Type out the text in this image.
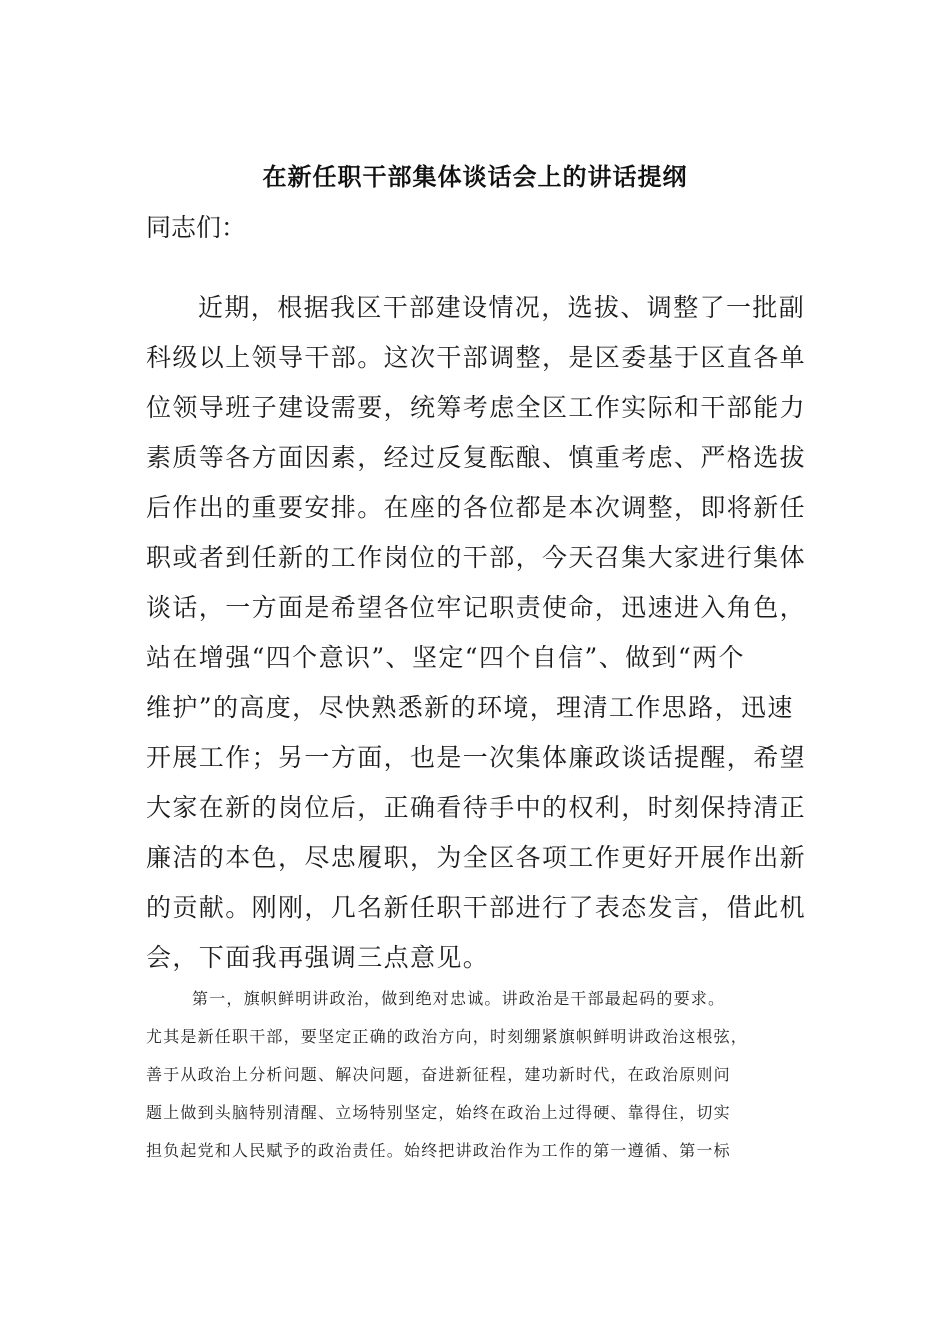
在新任职干部集体谈话会上的讲话提纲
同志们：
近期，根据我区干部建设情况，选拔、调整了一批副
科级以上领导干部。这次干部调整，是区委基于区直各单
位领导班子建设需要，统筹考虑全区工作实际和干部能力
素质等各方面因素，经过反复酝酿、慎重考虑、严格选拔
后作出的重要安排。在座的各位都是本次调整，即将新任
职或者到任新的工作岗位的干部，今天召集大家进行集体
谈话，一方面是希望各位牢记职责使命，迅速进入角色，
站在增强“四个意识”、坚定“四个自信”、做到“两个
维护”的高度，尽快熟悉新的环境，理清工作思路，迅速
开展工作；另一方面，也是一次集体廉政谈话提醒，希望
大家在新的岗位后，正确看待手中的权利，时刻保持清正
廉洁的本色，尽忠履职，为全区各项工作更好开展作出新
的贡献。刚刚，几名新任职干部进行了表态发言，借此机
会，下面我再强调三点意见。
第一，旗帜鲜明讲政治，做到绝对忠诚。讲政治是干部最起码的要求。
尤其是新任职干部，要坚定正确的政治方向，时刻绷紧旗帜鲜明讲政治这根弦，
善于从政治上分析问题、解决问题，奋进新征程，建功新时代，在政治原则问
题上做到头脑特别清醒、立场特别坚定，始终在政治上过得硬、靠得住，切实
担负起党和人民赋予的政治责任。始终把讲政治作为工作的第一遵循、第一标
